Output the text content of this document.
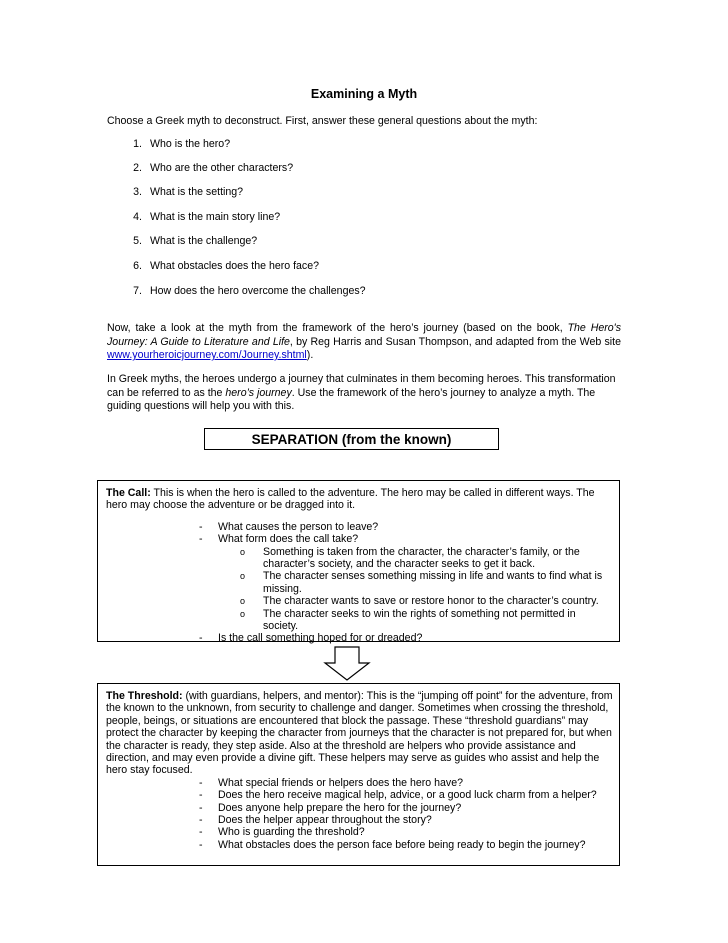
Examining a Myth
Choose a Greek myth to deconstruct. First, answer these general questions about the myth:
1. Who is the hero?
2. Who are the other characters?
3. What is the setting?
4. What is the main story line?
5. What is the challenge?
6. What obstacles does the hero face?
7. How does the hero overcome the challenges?
Now, take a look at the myth from the framework of the hero’s journey (based on the book, The Hero's Journey: A Guide to Literature and Life, by Reg Harris and Susan Thompson, and adapted from the Web site www.yourheroicjourney.com/Journey.shtml).
In Greek myths, the heroes undergo a journey that culminates in them becoming heroes. This transformation can be referred to as the hero’s journey. Use the framework of the hero’s journey to analyze a myth. The guiding questions will help you with this.
SEPARATION (from the known)
The Call: This is when the hero is called to the adventure. The hero may be called in different ways. The hero may choose the adventure or be dragged into it.
- What causes the person to leave?
- What form does the call take?
o Something is taken from the character, the character’s family, or the character’s society, and the character seeks to get it back.
o The character senses something missing in life and wants to find what is missing.
o The character wants to save or restore honor to the character’s country.
o The character seeks to win the rights of something not permitted in society.
- Is the call something hoped for or dreaded?
The Threshold: (with guardians, helpers, and mentor): This is the “jumping off point” for the adventure, from the known to the unknown, from security to challenge and danger. Sometimes when crossing the threshold, people, beings, or situations are encountered that block the passage. These “threshold guardians” may protect the character by keeping the character from journeys that the character is not prepared for, but when the character is ready, they step aside. Also at the threshold are helpers who provide assistance and direction, and may even provide a divine gift. These helpers may serve as guides who assist and help the hero stay focused.
- What special friends or helpers does the hero have?
- Does the hero receive magical help, advice, or a good luck charm from a helper?
- Does anyone help prepare the hero for the journey?
- Does the helper appear throughout the story?
- Who is guarding the threshold?
- What obstacles does the person face before being ready to begin the journey?
